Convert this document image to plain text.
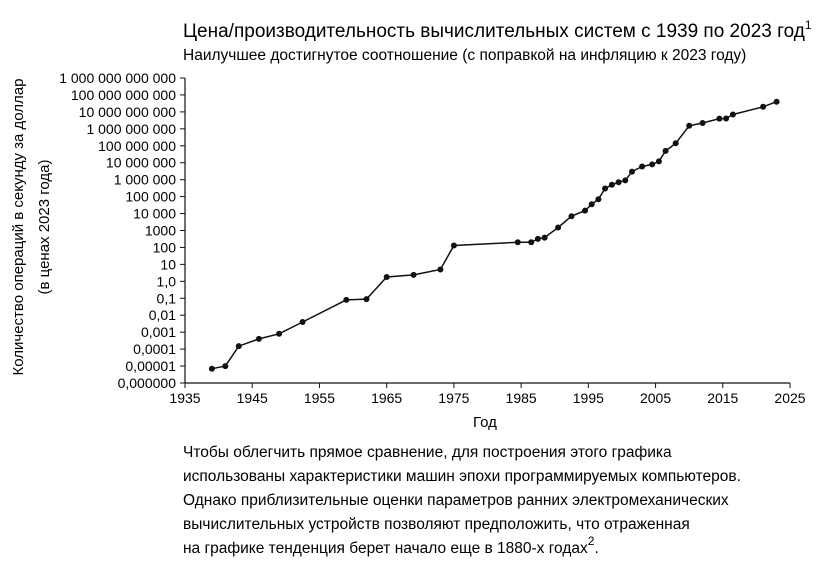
Цена/производительность вычислительных систем с 1939 по 2023 год$^1$
Наилучшее достигнутое соотношение (с поправкой на инфляцию к 2023 году)
Количество операций в секунду за доллар (в ценах 2023 года)
0,000000
0,00001
0,0001
0,001
0,01
0,1
1,0
10
100
1000
10 000
100 000
1 000 000
10 000 000
100 000 000
1 000 000 000
10 000 000 000
100 000 000 000
1 000 000 000 000
1935	1945	1955	1965	1975	1985	1995	2005	2015	2025
Год
Чтобы облегчить прямое сравнение, для построения этого графика
использованы характеристики машин эпохи программируемых компьютеров.
Однако приблизительные оценки параметров ранних электромеханических
вычислительных устройств позволяют предположить, что отраженная
на графике тенденция берет начало еще в 1880-х годах$^2$.
